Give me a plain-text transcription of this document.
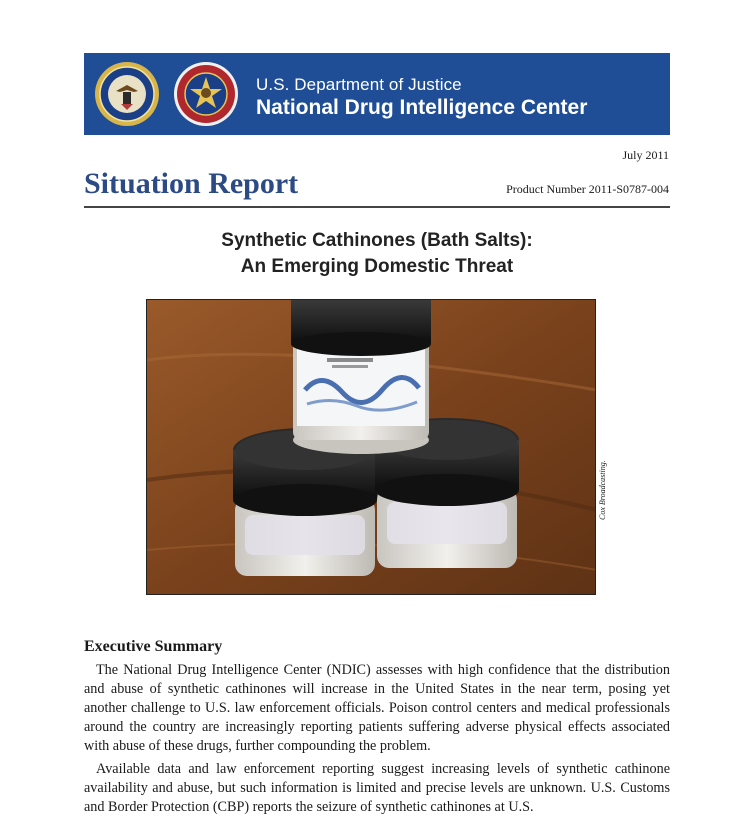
U.S. Department of Justice
National Drug Intelligence Center
July 2011
Situation Report	Product Number 2011-S0787-004
Synthetic Cathinones (Bath Salts):
An Emerging Domestic Threat
Cox Broadcasting.
Executive Summary

The National Drug Intelligence Center (NDIC) assesses with high confidence that the distribution and abuse of synthetic cathinones will increase in the United States in the near term, posing yet another challenge to U.S. law enforcement officials. Poison control centers and medical professionals around the country are increasingly reporting patients suffering adverse physical effects associated with abuse of these drugs, further compounding the problem.

Available data and law enforcement reporting suggest increasing levels of synthetic cathinone availability and abuse, but such information is limited and precise levels are unknown. U.S. Customs and Border Protection (CBP) reports the seizure of synthetic cathinones at U.S.
